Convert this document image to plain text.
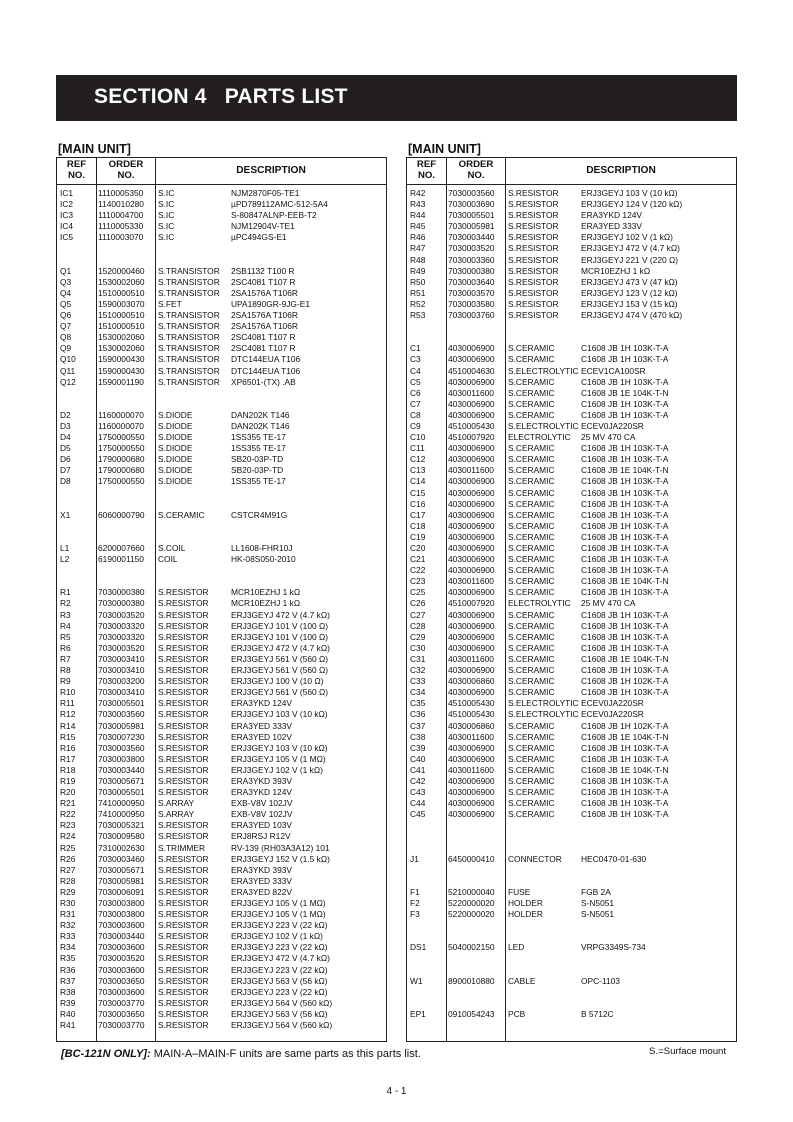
SECTION 4   PARTS LIST
[MAIN UNIT]
REF
NO.
ORDER
NO.	DESCRIPTION
IC1	1110005350 S.IC	NJM2870F05-TE1
IC2	1140010280 S.IC	µPD789112AMC-512-5A4
IC3	1110004700 S.IC	S-80847ALNP-EEB-T2
IC4	1110005330 S.IC	NJM12904V-TE1
IC5	1110003070 S.IC	µPC494GS-E1
Q1	1520000460 S.TRANSISTOR 2SB1132 T100 R
Q3	1530002060 S.TRANSISTOR 2SC4081 T107 R
Q4	1510000510 S.TRANSISTOR 2SA1576A T106R
Q5	1590003070 S.FET	UPA1890GR-9JG-E1
Q6	1510000510 S.TRANSISTOR 2SA1576A T106R
Q7	1510000510 S.TRANSISTOR 2SA1576A T106R
Q8	1530002060 S.TRANSISTOR 2SC4081 T107 R
Q9	1530002060 S.TRANSISTOR 2SC4081 T107 R
Q10	1590000430 S.TRANSISTOR DTC144EUA T106
Q11	1590000430 S.TRANSISTOR DTC144EUA T106
Q12	1590001190 S.TRANSISTOR XP6501-(TX) .AB
D2	1160000070 S.DIODE	DAN202K T146
D3	1160000070 S.DIODE	DAN202K T146
D4	1750000550 S.DIODE	1SS355 TE-17
D5	1750000550 S.DIODE	1SS355 TE-17
D6	1790000680 S.DIODE	SB20-03P-TD
D7	1790000680 S.DIODE	SB20-03P-TD
D8	1750000550 S.DIODE	1SS355 TE-17
X1	6060000790 S.CERAMIC	CSTCR4M91G
L1	6200007660 S.COIL	LL1608-FHR10J
L2	6190001150 COIL	HK-08S050-2010
R1	7030000380 S.RESISTOR	MCR10EZHJ 1 kΩ
R2	7030000380 S.RESISTOR	MCR10EZHJ 1 kΩ
R3	7030003520 S.RESISTOR	ERJ3GEYJ 472 V (4.7 kΩ)
R4	7030003320 S.RESISTOR	ERJ3GEYJ 101 V (100 Ω)
R5	7030003320 S.RESISTOR	ERJ3GEYJ 101 V (100 Ω)
R6	7030003520 S.RESISTOR	ERJ3GEYJ 472 V (4.7 kΩ)
R7	7030003410 S.RESISTOR	ERJ3GEYJ 561 V (560 Ω)
R8	7030003410 S.RESISTOR	ERJ3GEYJ 561 V (560 Ω)
R9	7030003200 S.RESISTOR	ERJ3GEYJ 100 V (10 Ω)
R10	7030003410 S.RESISTOR	ERJ3GEYJ 561 V (560 Ω)
R11	7030005501 S.RESISTOR	ERA3YKD 124V
R12	7030003560 S.RESISTOR	ERJ3GEYJ 103 V (10 kΩ)
R14	7030005981 S.RESISTOR	ERA3YED 333V
R15	7030007230 S.RESISTOR	ERA3YED 102V
R16	7030003560 S.RESISTOR	ERJ3GEYJ 103 V (10 kΩ)
R17	7030003800 S.RESISTOR	ERJ3GEYJ 105 V (1 MΩ)
R18	7030003440 S.RESISTOR	ERJ3GEYJ 102 V (1 kΩ)
R19	7030005671 S.RESISTOR	ERA3YKD 393V
R20	7030005501 S.RESISTOR	ERA3YKD 124V
R21	7410000950 S.ARRAY	EXB-V8V 102JV
R22	7410000950 S.ARRAY	EXB-V8V 102JV
R23	7030005321 S.RESISTOR	ERA3YED 103V
R24	7030009580 S.RESISTOR	ERJ8RSJ R12V
R25	7310002630 S.TRIMMER	RV-139 (RH03A3A12) 101
R26	7030003460 S.RESISTOR	ERJ3GEYJ 152 V (1.5 kΩ)
R27	7030005671 S.RESISTOR	ERA3YKD 393V
R28	7030005981 S.RESISTOR	ERA3YED 333V
R29	7030006091 S.RESISTOR	ERA3YED 822V
R30	7030003800 S.RESISTOR	ERJ3GEYJ 105 V (1 MΩ)
R31	7030003800 S.RESISTOR	ERJ3GEYJ 105 V (1 MΩ)
R32	7030003600 S.RESISTOR	ERJ3GEYJ 223 V (22 kΩ)
R33	7030003440 S.RESISTOR	ERJ3GEYJ 102 V (1 kΩ)
R34	7030003600 S.RESISTOR	ERJ3GEYJ 223 V (22 kΩ)
R35	7030003520 S.RESISTOR	ERJ3GEYJ 472 V (4.7 kΩ)
R36	7030003600 S.RESISTOR	ERJ3GEYJ 223 V (22 kΩ)
R37	7030003650 S.RESISTOR	ERJ3GEYJ 563 V (56 kΩ)
R38	7030003600 S.RESISTOR	ERJ3GEYJ 223 V (22 kΩ)
R39	7030003770 S.RESISTOR	ERJ3GEYJ 564 V (560 kΩ)
R40	7030003650 S.RESISTOR	ERJ3GEYJ 563 V (56 kΩ)
R41	7030003770 S.RESISTOR	ERJ3GEYJ 564 V (560 kΩ)
[MAIN UNIT]
REF
NO.
ORDER
NO.	DESCRIPTION
R42	7030003560 S.RESISTOR	ERJ3GEYJ 103 V (10 kΩ)
R43	7030003690 S.RESISTOR	ERJ3GEYJ 124 V (120 kΩ)
R44	7030005501 S.RESISTOR	ERA3YKD 124V
R45	7030005981 S.RESISTOR	ERA3YED 333V
R46	7030003440 S.RESISTOR	ERJ3GEYJ 102 V (1 kΩ)
R47	7030003520 S.RESISTOR	ERJ3GEYJ 472 V (4.7 kΩ)
R48	7030003360 S.RESISTOR	ERJ3GEYJ 221 V (220 Ω)
R49	7030000380 S.RESISTOR	MCR10EZHJ 1 kΩ
R50	7030003640 S.RESISTOR	ERJ3GEYJ 473 V (47 kΩ)
R51	7030003570 S.RESISTOR	ERJ3GEYJ 123 V (12 kΩ)
R52	7030003580 S.RESISTOR	ERJ3GEYJ 153 V (15 kΩ)
R53	7030003760 S.RESISTOR	ERJ3GEYJ 474 V (470 kΩ)
C1	4030006900 S.CERAMIC	C1608 JB 1H 103K-T-A
C3	4030006900 S.CERAMIC	C1608 JB 1H 103K-T-A
C4	4510004630 S.ELECTROLYTIC ECEV1CA100SR
C5	4030006900 S.CERAMIC	C1608 JB 1H 103K-T-A
C6	4030011600 S.CERAMIC	C1608 JB 1E 104K-T-N
C7	4030006900 S.CERAMIC	C1608 JB 1H 103K-T-A
C8	4030006900 S.CERAMIC	C1608 JB 1H 103K-T-A
C9	4510005430 S.ELECTROLYTIC ECEV0JA220SR
C10	4510007920 ELECTROLYTIC 25 MV 470 CA
C11	4030006900 S.CERAMIC	C1608 JB 1H 103K-T-A
C12	4030006900 S.CERAMIC	C1608 JB 1H 103K-T-A
C13	4030011600 S.CERAMIC	C1608 JB 1E 104K-T-N
C14	4030006900 S.CERAMIC	C1608 JB 1H 103K-T-A
C15	4030006900 S.CERAMIC	C1608 JB 1H 103K-T-A
C16	4030006900 S.CERAMIC	C1608 JB 1H 103K-T-A
C17	4030006900 S.CERAMIC	C1608 JB 1H 103K-T-A
C18	4030006900 S.CERAMIC	C1608 JB 1H 103K-T-A
C19	4030006900 S.CERAMIC	C1608 JB 1H 103K-T-A
C20	4030006900 S.CERAMIC	C1608 JB 1H 103K-T-A
C21	4030006900 S.CERAMIC	C1608 JB 1H 103K-T-A
C22	4030006900 S.CERAMIC	C1608 JB 1H 103K-T-A
C23	4030011600 S.CERAMIC	C1608 JB 1E 104K-T-N
C25	4030006900 S.CERAMIC	C1608 JB 1H 103K-T-A
C26	4510007920 ELECTROLYTIC 25 MV 470 CA
C27	4030006900 S.CERAMIC	C1608 JB 1H 103K-T-A
C28	4030006900 S.CERAMIC	C1608 JB 1H 103K-T-A
C29	4030006900 S.CERAMIC	C1608 JB 1H 103K-T-A
C30	4030006900 S.CERAMIC	C1608 JB 1H 103K-T-A
C31	4030011600 S.CERAMIC	C1608 JB 1E 104K-T-N
C32	4030006900 S.CERAMIC	C1608 JB 1H 103K-T-A
C33	4030006860 S.CERAMIC	C1608 JB 1H 102K-T-A
C34	4030006900 S.CERAMIC	C1608 JB 1H 103K-T-A
C35	4510005430 S.ELECTROLYTIC ECEV0JA220SR
C36	4510005430 S.ELECTROLYTIC ECEV0JA220SR
C37	4030006860 S.CERAMIC	C1608 JB 1H 102K-T-A
C38	4030011600 S.CERAMIC	C1608 JB 1E 104K-T-N
C39	4030006900 S.CERAMIC	C1608 JB 1H 103K-T-A
C40	4030006900 S.CERAMIC	C1608 JB 1H 103K-T-A
C41	4030011600 S.CERAMIC	C1608 JB 1E 104K-T-N
C42	4030006900 S.CERAMIC	C1608 JB 1H 103K-T-A
C43	4030006900 S.CERAMIC	C1608 JB 1H 103K-T-A
C44	4030006900 S.CERAMIC	C1608 JB 1H 103K-T-A
C45	4030006900 S.CERAMIC	C1608 JB 1H 103K-T-A
J1	6450000410 CONNECTOR HEC0470-01-630
F1	5210000040 FUSE	FGB 2A
F2	5220000020 HOLDER	S-N5051
F3	5220000020 HOLDER	S-N5051
DS1	5040002150 LED	VRPG3349S-734
W1	8900010880 CABLE	OPC-1103
EP1	0910054243 PCB	B 5712C
[BC-121N ONLY]: MAIN-A–MAIN-F units are same parts as this parts list.	S.=Surface mount
4 - 1
